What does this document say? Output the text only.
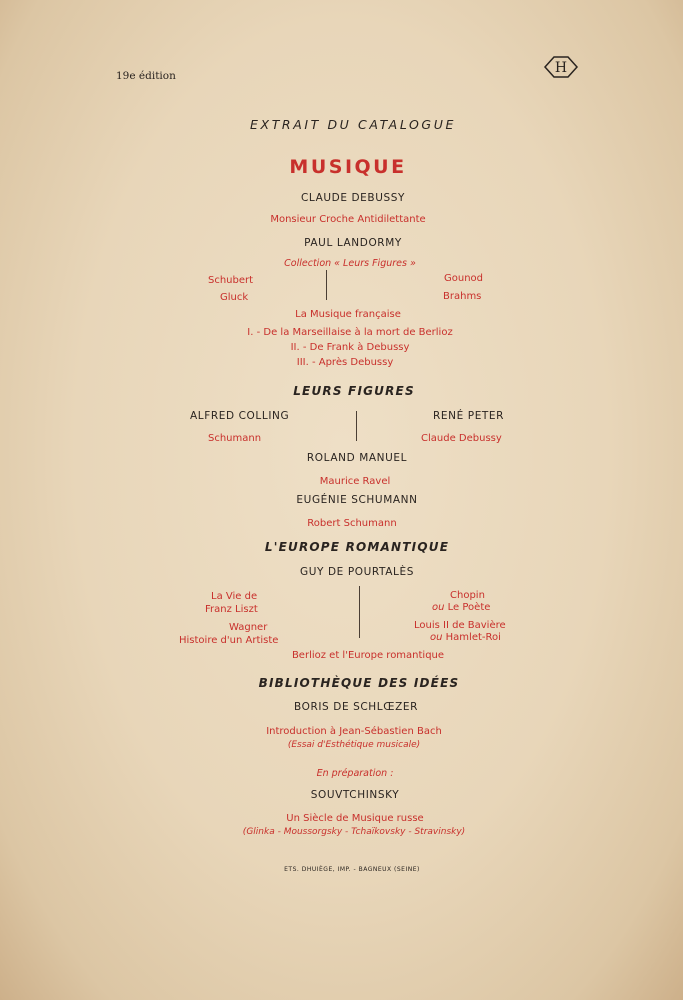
19e édition	H
EXTRAIT DU CATALOGUE
MUSIQUE
CLAUDE DEBUSSY
Monsieur Croche Antidilettante
PAUL LANDORMY
Collection « Leurs Figures »
Schubert
Gluck
Gounod
Brahms
La Musique française
I. - De la Marseillaise à la mort de Berlioz
II. - De Frank à Debussy
III. - Après Debussy
LEURS FIGURES
ALFRED COLLING
Schumann
RENÉ PETER
Claude Debussy
ROLAND MANUEL
Maurice Ravel
EUGÉNIE SCHUMANN
Robert Schumann
L'EUROPE ROMANTIQUE
GUY DE POURTALÈS
La Vie de
Franz Liszt
Wagner
Histoire d'un Artiste
Chopin
ou Le Poète
Louis II de Bavière
ou Hamlet-Roi
Berlioz et l'Europe romantique
BIBLIOTHÈQUE DES IDÉES
BORIS DE SCHLŒZER
Introduction à Jean-Sébastien Bach
(Essai d'Esthétique musicale)
En préparation :
SOUVTCHINSKY
Un Siècle de Musique russe
(Glinka - Moussorgsky - Tchaïkovsky - Stravinsky)
ETS. DHUIÈGE, IMP. - BAGNEUX (SEINE)
